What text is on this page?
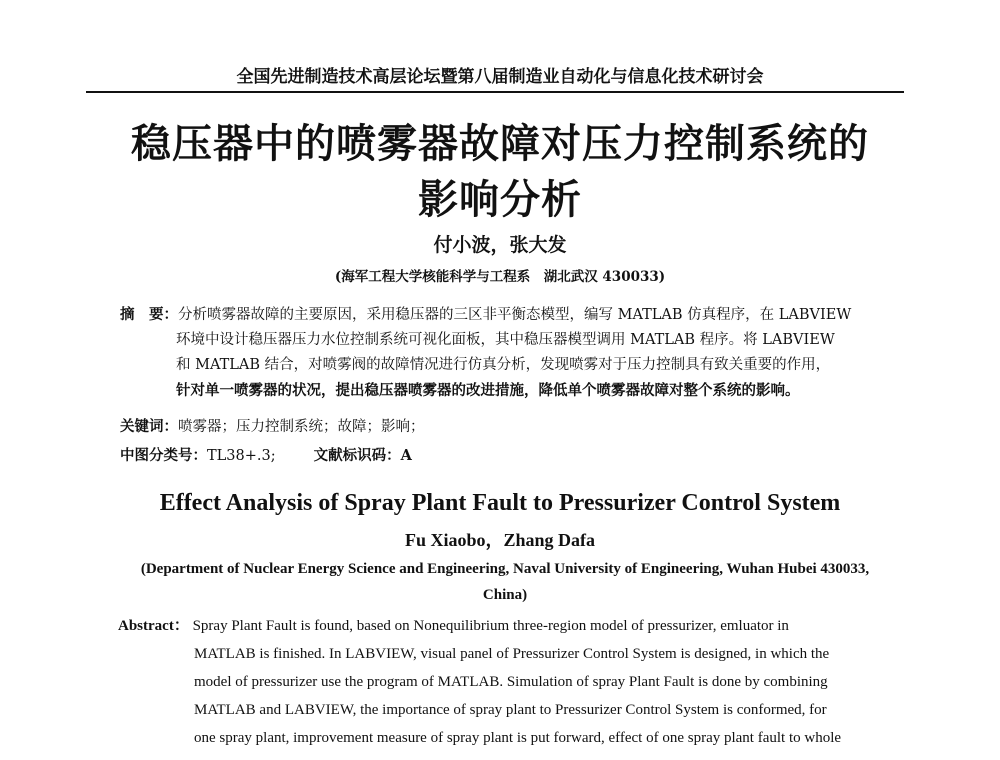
全国先进制造技术高层论坛暨第八届制造业自动化与信息化技术研讨会
稳压器中的喷雾器故障对压力控制系统的
影响分析
付小波，张大发
(海军工程大学核能科学与工程系　湖北武汉 430033)
摘　要：分析喷雾器故障的主要原因，采用稳压器的三区非平衡态模型，编写 MATLAB 仿真程序，在 LABVIEW
环境中设计稳压器压力水位控制系统可视化面板，其中稳压器模型调用 MATLAB 程序。将 LABVIEW
和 MATLAB 结合，对喷雾阀的故障情况进行仿真分析，发现喷雾对于压力控制具有致关重要的作用，
针对单一喷雾器的状况，提出稳压器喷雾器的改进措施，降低单个喷雾器故障对整个系统的影响。
关键词：喷雾器；压力控制系统；故障；影响；
中图分类号：TL38+.3;	文献标识码：A
Effect Analysis of Spray Plant Fault to Pressurizer Control System
Fu Xiaobo，Zhang Dafa
(Department of Nuclear Energy Science and Engineering, Naval University of Engineering, Wuhan Hubei 430033,
China)
Abstract： Spray Plant Fault is found, based on Nonequilibrium three-region model of pressurizer, emluator in
MATLAB is finished. In LABVIEW, visual panel of Pressurizer Control System is designed, in which the
model of pressurizer use the program of MATLAB. Simulation of spray Plant Fault is done by combining
MATLAB and LABVIEW, the importance of spray plant to Pressurizer Control System is conformed, for
one spray plant, improvement measure of spray plant is put forward, effect of one spray plant fault to whole
